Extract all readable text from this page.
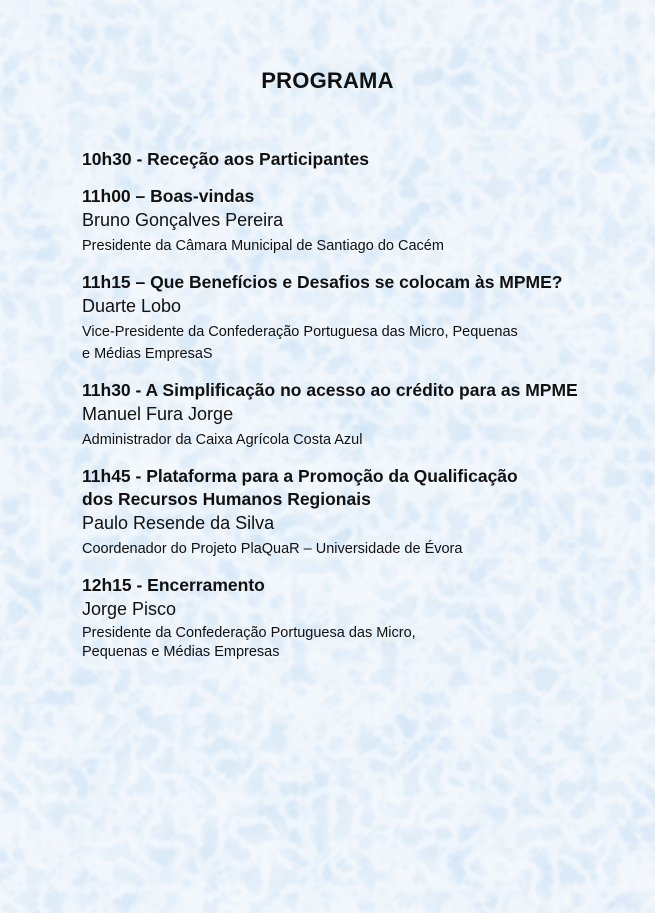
PROGRAMA

10h30 - Receção aos Participantes

11h00 – Boas-vindas

Bruno Gonçalves Pereira

Presidente da Câmara Municipal de Santiago do Cacém

11h15 – Que Benefícios e Desafios se colocam às MPME?

Duarte Lobo

Vice-Presidente da Confederação Portuguesa das Micro, Pequenas e Médias EmpresaS

11h30 - A Simplificação no acesso ao crédito para as MPME

Manuel Fura Jorge

Administrador da Caixa Agrícola Costa Azul

11h45 - Plataforma para a Promoção da Qualificação dos Recursos Humanos Regionais

Paulo Resende da Silva

Coordenador do Projeto PlaQuaR – Universidade de Évora

12h15 - Encerramento

Jorge Pisco

Presidente da Confederação Portuguesa das Micro, Pequenas e Médias Empresas
